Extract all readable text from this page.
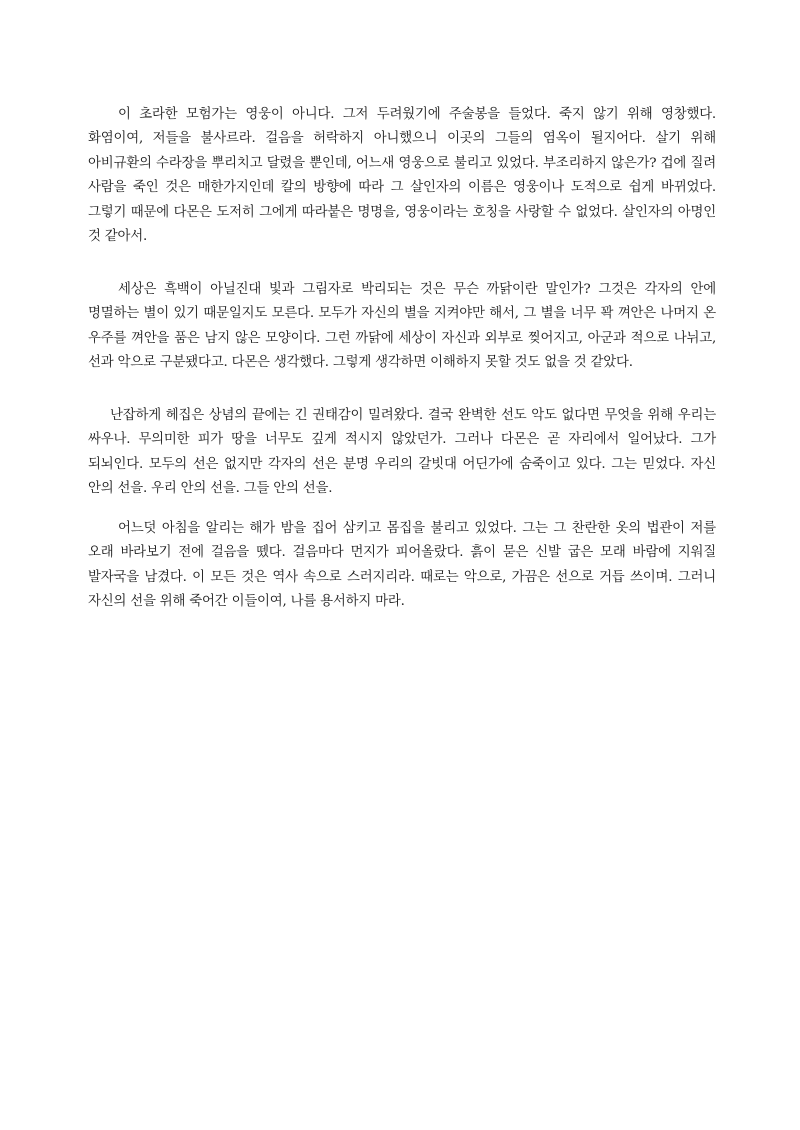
이 초라한 모험가는 영웅이 아니다. 그저 두려웠기에 주술봉을 들었다. 죽지 않기 위해 영창했다. 화염이여, 저들을 불사르라. 걸음을 허락하지 아니했으니 이곳의 그들의 염옥이 될지어다. 살기 위해 아비규환의 수라장을 뿌리치고 달렸을 뿐인데, 어느새 영웅으로 불리고 있었다. 부조리하지 않은가? 겁에 질려 사람을 죽인 것은 매한가지인데 칼의 방향에 따라 그 살인자의 이름은 영웅이나 도적으로 쉽게 바뀌었다. 그렇기 때문에 다몬은 도저히 그에게 따라붙은 명명을, 영웅이라는 호칭을 사랑할 수 없었다. 살인자의 아명인 것 같아서.

세상은 흑백이 아닐진대 빛과 그림자로 박리되는 것은 무슨 까닭이란 말인가? 그것은 각자의 안에 명멸하는 별이 있기 때문일지도 모른다. 모두가 자신의 별을 지켜야만 해서, 그 별을 너무 꽉 껴안은 나머지 온 우주를 껴안을 품은 남지 않은 모양이다. 그런 까닭에 세상이 자신과 외부로 찢어지고, 아군과 적으로 나뉘고, 선과 악으로 구분됐다고. 다몬은 생각했다. 그렇게 생각하면 이해하지 못할 것도 없을 것 같았다.

난잡하게 헤집은 상념의 끝에는 긴 권태감이 밀려왔다. 결국 완벽한 선도 악도 없다면 무엇을 위해 우리는 싸우나. 무의미한 피가 땅을 너무도 깊게 적시지 않았던가. 그러나 다몬은 곧 자리에서 일어났다. 그가 되뇌인다. 모두의 선은 없지만 각자의 선은 분명 우리의 갈빗대 어딘가에 숨죽이고 있다. 그는 믿었다. 자신 안의 선을. 우리 안의 선을. 그들 안의 선을.

어느덧 아침을 알리는 해가 밤을 집어 삼키고 몸집을 불리고 있었다. 그는 그 찬란한 옷의 법관이 저를 오래 바라보기 전에 걸음을 뗐다. 걸음마다 먼지가 피어올랐다. 흙이 묻은 신발 굽은 모래 바람에 지워질 발자국을 남겼다. 이 모든 것은 역사 속으로 스러지리라. 때로는 악으로, 가끔은 선으로 거듭 쓰이며. 그러니 자신의 선을 위해 죽어간 이들이여, 나를 용서하지 마라.
